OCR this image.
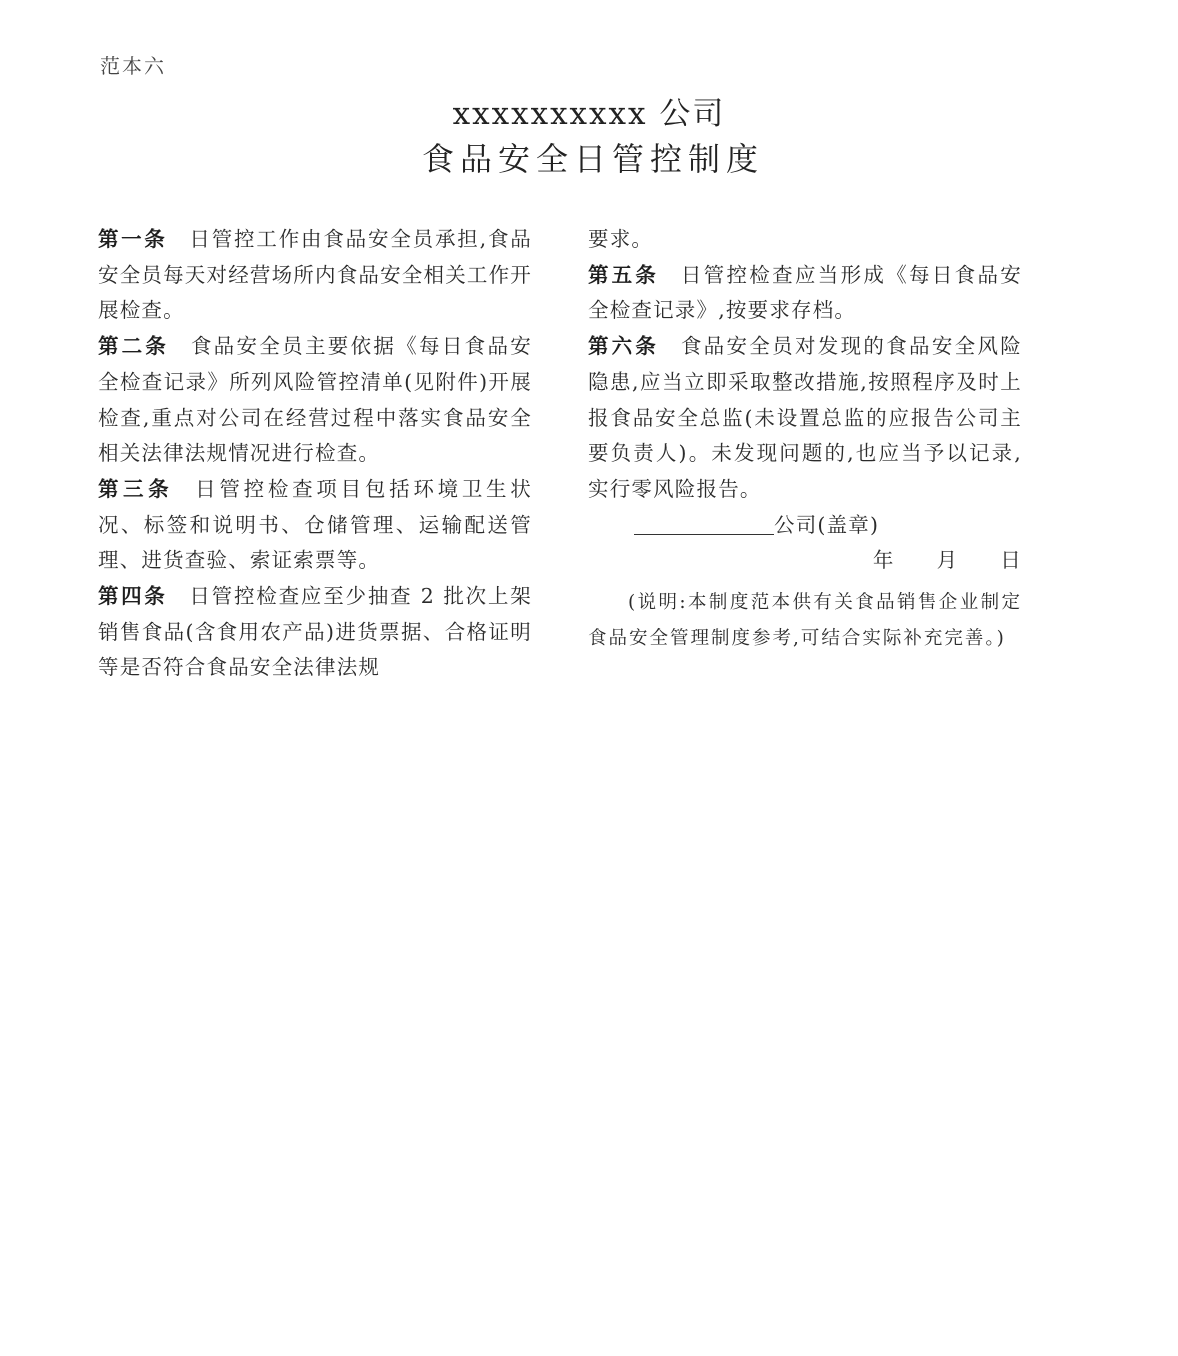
范本六
xxxxxxxxxx 公司
食品安全日管控制度

第一条 日管控工作由食品安全员承担,食品安全员每天对经营场所内食品安全相关工作开展检查。

第二条 食品安全员主要依据《每日食品安全检查记录》所列风险管控清单(见附件)开展检查,重点对公司在经营过程中落实食品安全相关法律法规情况进行检查。

第三条 日管控检查项目包括环境卫生状况、标签和说明书、仓储管理、运输配送管理、进货查验、索证索票等。

第四条 日管控检查应至少抽查 2 批次上架销售食品(含食用农产品)进货票据、合格证明等是否符合食品安全法律法规

要求。

第五条 日管控检查应当形成《每日食品安全检查记录》,按要求存档。

第六条 食品安全员对发现的食品安全风险隐患,应当立即采取整改措施,按照程序及时上报食品安全总监(未设置总监的应报告公司主要负责人)。未发现问题的,也应当予以记录,实行零风险报告。

公司(盖章)

年 月 日

(说明:本制度范本供有关食品销售企业制定食品安全管理制度参考,可结合实际补充完善。)
